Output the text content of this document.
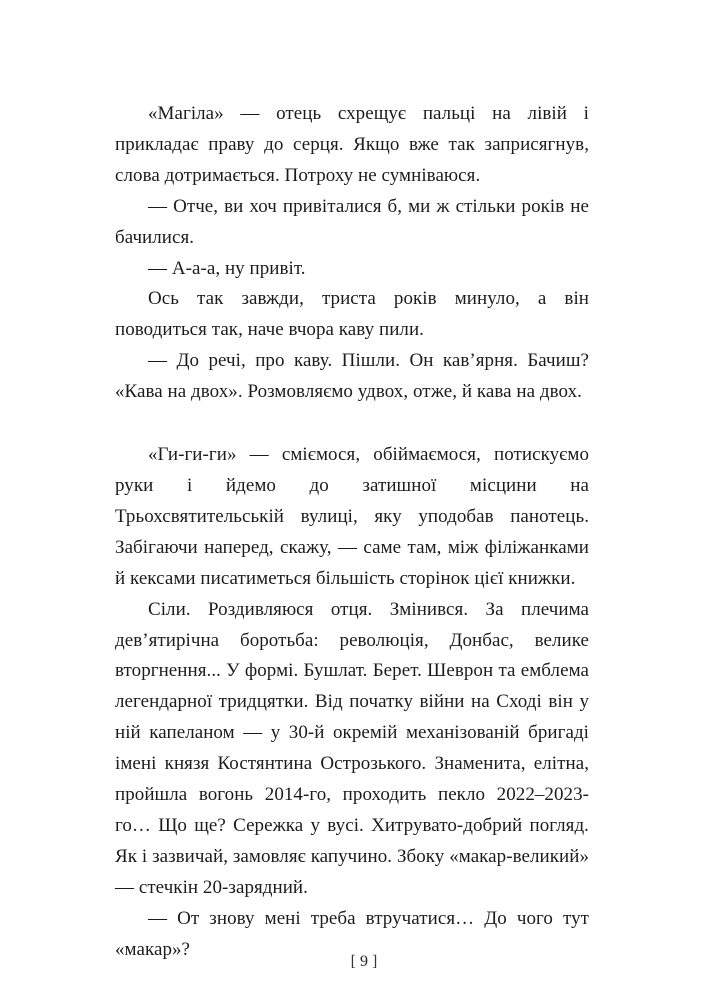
«Магіла» — отець схрещує пальці на лівій і прикладає праву до серця. Якщо вже так заприсягнув, слова дотримається. Потроху не сумніваюся.

— Отче, ви хоч привіталися б, ми ж стільки років не бачилися.

— А-а-а, ну привіт.

Ось так завжди, триста років минуло, а він поводиться так, наче вчора каву пили.

— До речі, про каву. Пішли. Он кав’ярня. Бачиш? «Кава на двох». Розмовляємо удвох, отже, й кава на двох.

«Ги-ги-ги» — сміємося, обіймаємося, потискуємо руки і йдемо до затишної місцини на Трьохсвятительській вулиці, яку уподобав панотець. Забігаючи наперед, скажу, — саме там, між філіжанками й кексами писатиметься більшість сторінок цієї книжки.

Сіли. Роздивляюся отця. Змінився. За плечима дев’ятирічна боротьба: революція, Донбас, велике вторгнення... У формі. Бушлат. Берет. Шеврон та емблема легендарної тридцятки. Від початку війни на Сході він у ній капеланом — у 30-й окремій механізованій бригаді імені князя Костянтина Острозького. Знаменита, елітна, пройшла вогонь 2014-го, проходить пекло 2022–2023-го… Що ще? Сережка у вусі. Хитрувато-добрий погляд. Як і зазвичай, замовляє капучино. Збоку «макар-великий» — стечкін 20-зарядний.

— От знову мені треба втручатися… До чого тут «макар»?

[ 9 ]
